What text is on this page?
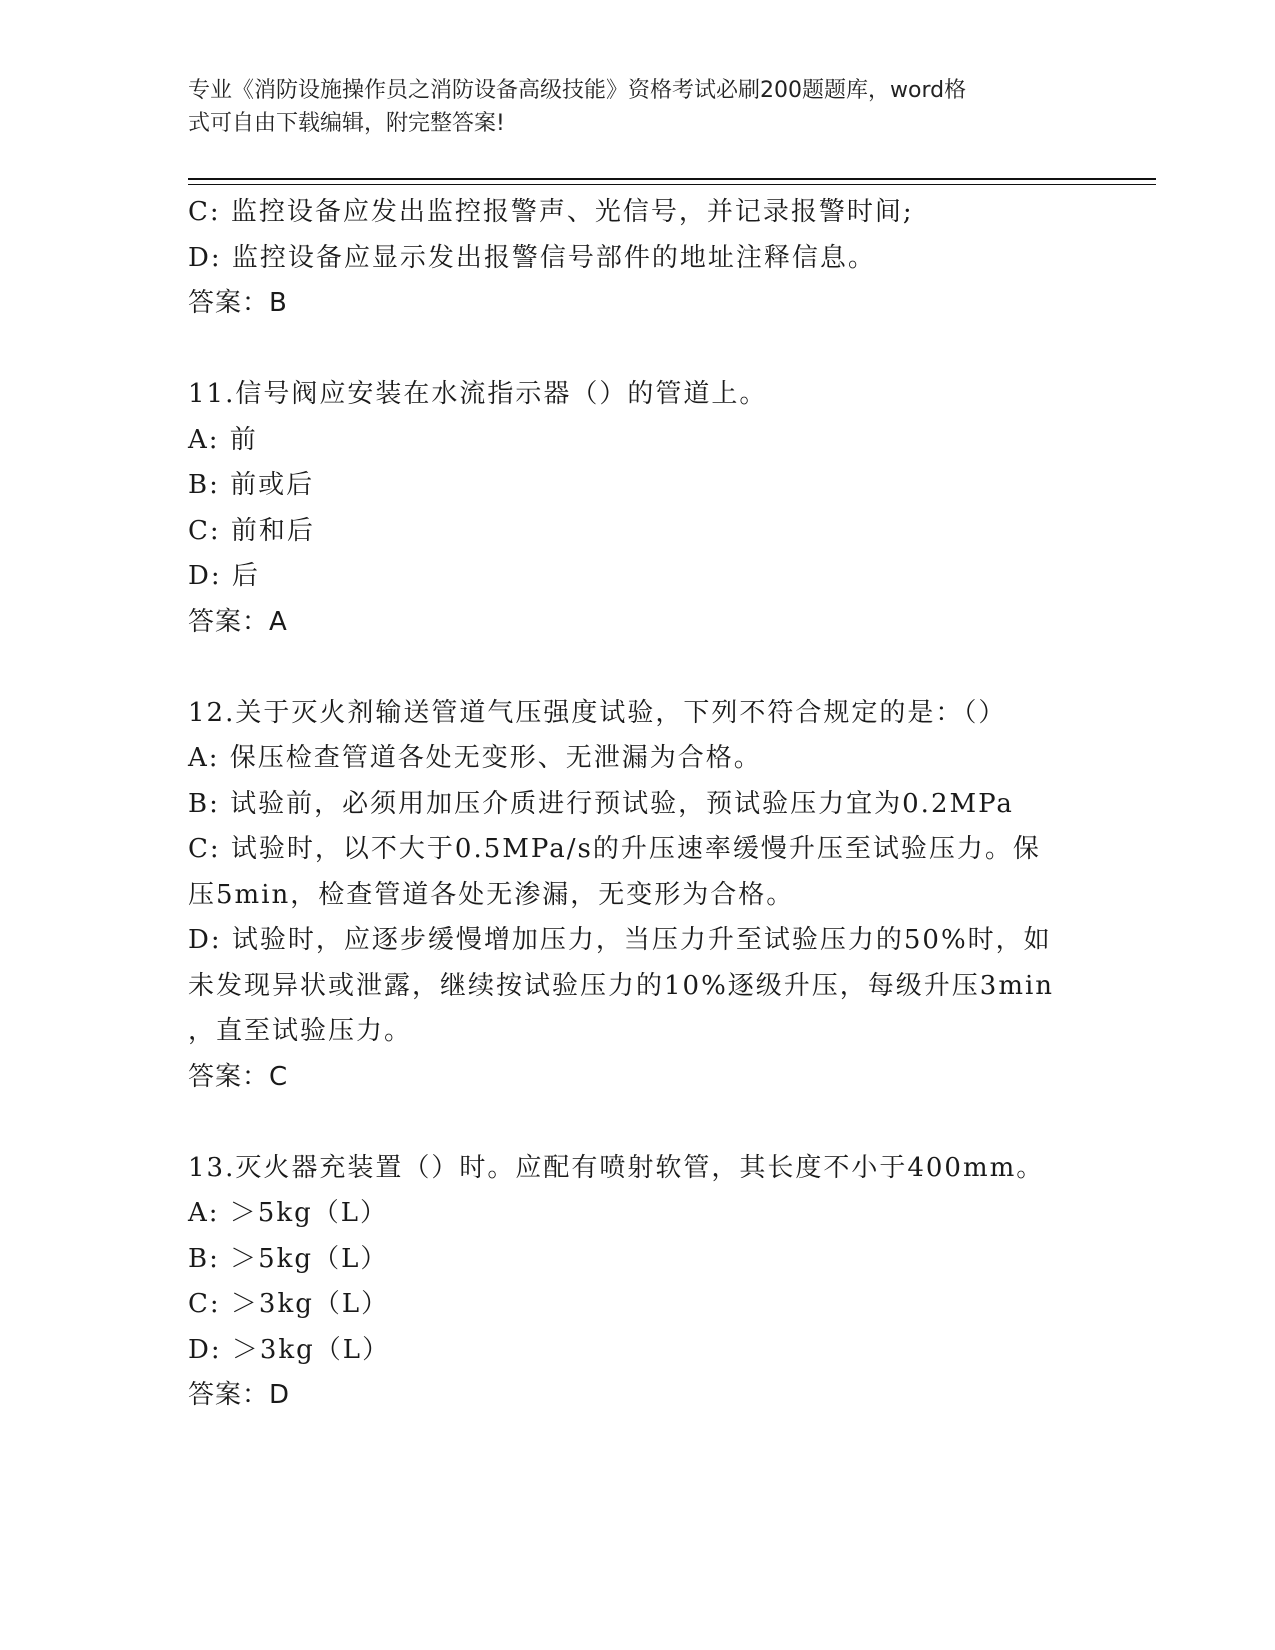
专业《消防设施操作员之消防设备高级技能》资格考试必刷200题题库，word格
式可自由下载编辑，附完整答案!
C: 监控设备应发出监控报警声、光信号，并记录报警时间;
D: 监控设备应显示发出报警信号部件的地址注释信息。
答案：B
11.信号阀应安装在水流指示器（）的管道上。
A: 前
B: 前或后
C: 前和后
D: 后
答案：A
12.关于灭火剂输送管道气压强度试验，下列不符合规定的是：（）
A: 保压检查管道各处无变形、无泄漏为合格。
B: 试验前，必须用加压介质进行预试验，预试验压力宜为0.2MPa
C: 试验时，以不大于0.5MPa/s的升压速率缓慢升压至试验压力。保
压5min，检查管道各处无渗漏，无变形为合格。
D: 试验时，应逐步缓慢增加压力，当压力升至试验压力的50%时，如
未发现异状或泄露，继续按试验压力的10%逐级升压，每级升压3min
，直至试验压力。
答案：C
13.灭火器充装置（）时。应配有喷射软管，其长度不小于400mm。
A: ＞5kg（L）
B: ＞5kg（L）
C: ＞3kg（L）
D: ＞3kg（L）
答案：D
